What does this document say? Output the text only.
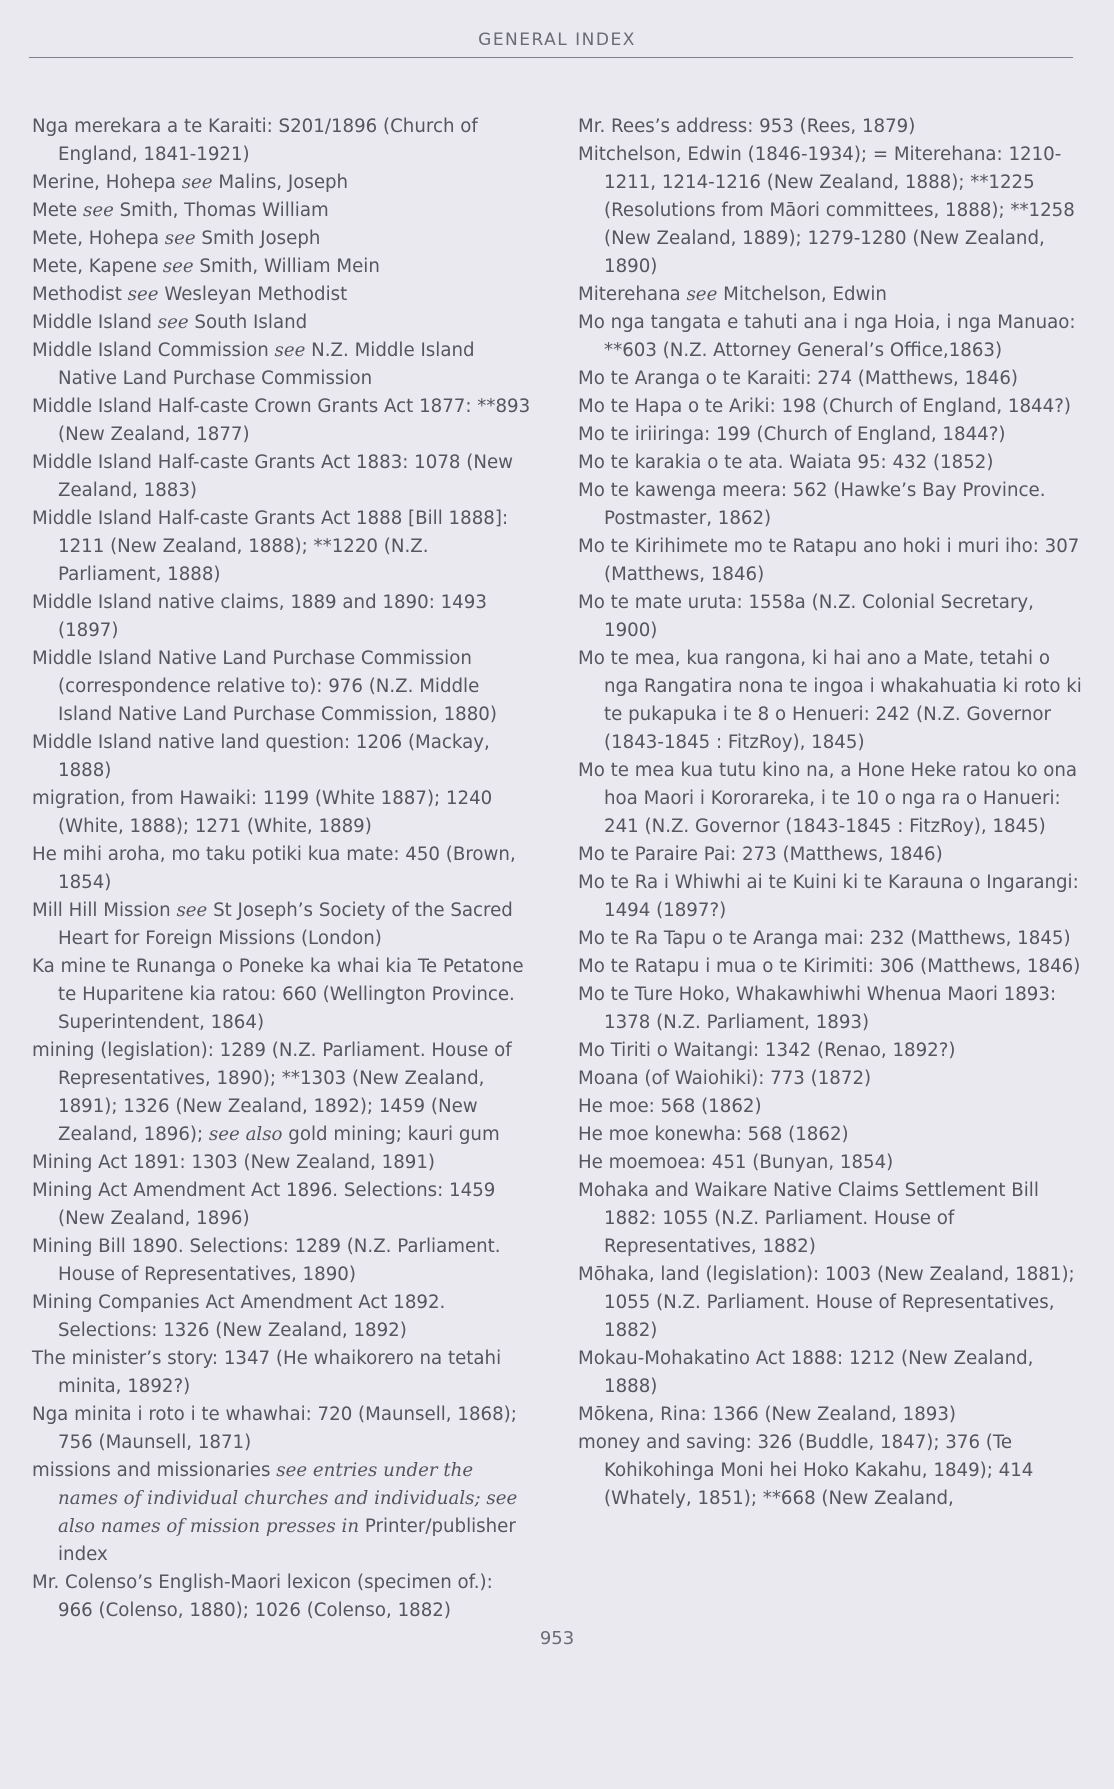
GENERAL INDEX
Nga merekara a te Karaiti: S201/1896 (Church of England, 1841-1921)
Merine, Hohepa see Malins, Joseph
Mete see Smith, Thomas William
Mete, Hohepa see Smith Joseph
Mete, Kapene see Smith, William Mein
Methodist see Wesleyan Methodist
Middle Island see South Island
Middle Island Commission see N.Z. Middle Island Native Land Purchase Commission
Middle Island Half-caste Crown Grants Act 1877: **893 (New Zealand, 1877)
Middle Island Half-caste Grants Act 1883: 1078 (New Zealand, 1883)
Middle Island Half-caste Grants Act 1888 [Bill 1888]: 1211 (New Zealand, 1888); **1220 (N.Z. Parliament, 1888)
Middle Island native claims, 1889 and 1890: 1493 (1897)
Middle Island Native Land Purchase Commission (correspondence relative to): 976 (N.Z. Middle Island Native Land Purchase Commission, 1880)
Middle Island native land question: 1206 (Mackay, 1888)
migration, from Hawaiki: 1199 (White 1887); 1240 (White, 1888); 1271 (White, 1889)
He mihi aroha, mo taku potiki kua mate: 450 (Brown, 1854)
Mill Hill Mission see St Joseph’s Society of the Sacred Heart for Foreign Missions (London)
Ka mine te Runanga o Poneke ka whai kia Te Petatone te Huparitene kia ratou: 660 (Wellington Province. Superintendent, 1864)
mining (legislation): 1289 (N.Z. Parliament. House of Representatives, 1890); **1303 (New Zealand, 1891); 1326 (New Zealand, 1892); 1459 (New Zealand, 1896); see also gold mining; kauri gum
Mining Act 1891: 1303 (New Zealand, 1891)
Mining Act Amendment Act 1896. Selections: 1459 (New Zealand, 1896)
Mining Bill 1890. Selections: 1289 (N.Z. Parliament. House of Representatives, 1890)
Mining Companies Act Amendment Act 1892. Selections: 1326 (New Zealand, 1892)
The minister’s story: 1347 (He whaikorero na tetahi minita, 1892?)
Nga minita i roto i te whawhai: 720 (Maunsell, 1868); 756 (Maunsell, 1871)
missions and missionaries see entries under the names of individual churches and individuals; see also names of mission presses in Printer/publisher index
Mr. Colenso’s English-Maori lexicon (specimen of.): 966 (Colenso, 1880); 1026 (Colenso, 1882)
Mr. Rees’s address: 953 (Rees, 1879)
Mitchelson, Edwin (1846-1934); = Miterehana: 1210-1211, 1214-1216 (New Zealand, 1888); **1225 (Resolutions from Māori committees, 1888); **1258 (New Zealand, 1889); 1279-1280 (New Zealand, 1890)
Miterehana see Mitchelson, Edwin
Mo nga tangata e tahuti ana i nga Hoia, i nga Manuao: **603 (N.Z. Attorney General’s Office,1863)
Mo te Aranga o te Karaiti: 274 (Matthews, 1846)
Mo te Hapa o te Ariki: 198 (Church of England, 1844?)
Mo te iriiringa: 199 (Church of England, 1844?)
Mo te karakia o te ata. Waiata 95: 432 (1852)
Mo te kawenga meera: 562 (Hawke’s Bay Province. Postmaster, 1862)
Mo te Kirihimete mo te Ratapu ano hoki i muri iho: 307 (Matthews, 1846)
Mo te mate uruta: 1558a (N.Z. Colonial Secretary, 1900)
Mo te mea, kua rangona, ki hai ano a Mate, tetahi o nga Rangatira nona te ingoa i whakahuatia ki roto ki te pukapuka i te 8 o Henueri: 242 (N.Z. Governor (1843-1845 : FitzRoy), 1845)
Mo te mea kua tutu kino na, a Hone Heke ratou ko ona hoa Maori i Kororareka, i te 10 o nga ra o Hanueri: 241 (N.Z. Governor (1843-1845 : FitzRoy), 1845)
Mo te Paraire Pai: 273 (Matthews, 1846)
Mo te Ra i Whiwhi ai te Kuini ki te Karauna o Ingarangi: 1494 (1897?)
Mo te Ra Tapu o te Aranga mai: 232 (Matthews, 1845)
Mo te Ratapu i mua o te Kirimiti: 306 (Matthews, 1846)
Mo te Ture Hoko, Whakawhiwhi Whenua Maori 1893: 1378 (N.Z. Parliament, 1893)
Mo Tiriti o Waitangi: 1342 (Renao, 1892?)
Moana (of Waiohiki): 773 (1872)
He moe: 568 (1862)
He moe konewha: 568 (1862)
He moemoea: 451 (Bunyan, 1854)
Mohaka and Waikare Native Claims Settlement Bill 1882: 1055 (N.Z. Parliament. House of Representatives, 1882)
Mōhaka, land (legislation): 1003 (New Zealand, 1881); 1055 (N.Z. Parliament. House of Representatives, 1882)
Mokau-Mohakatino Act 1888: 1212 (New Zealand, 1888)
Mōkena, Rina: 1366 (New Zealand, 1893)
money and saving: 326 (Buddle, 1847); 376 (Te Kohikohinga Moni hei Hoko Kakahu, 1849); 414 (Whately, 1851); **668 (New Zealand,
953
